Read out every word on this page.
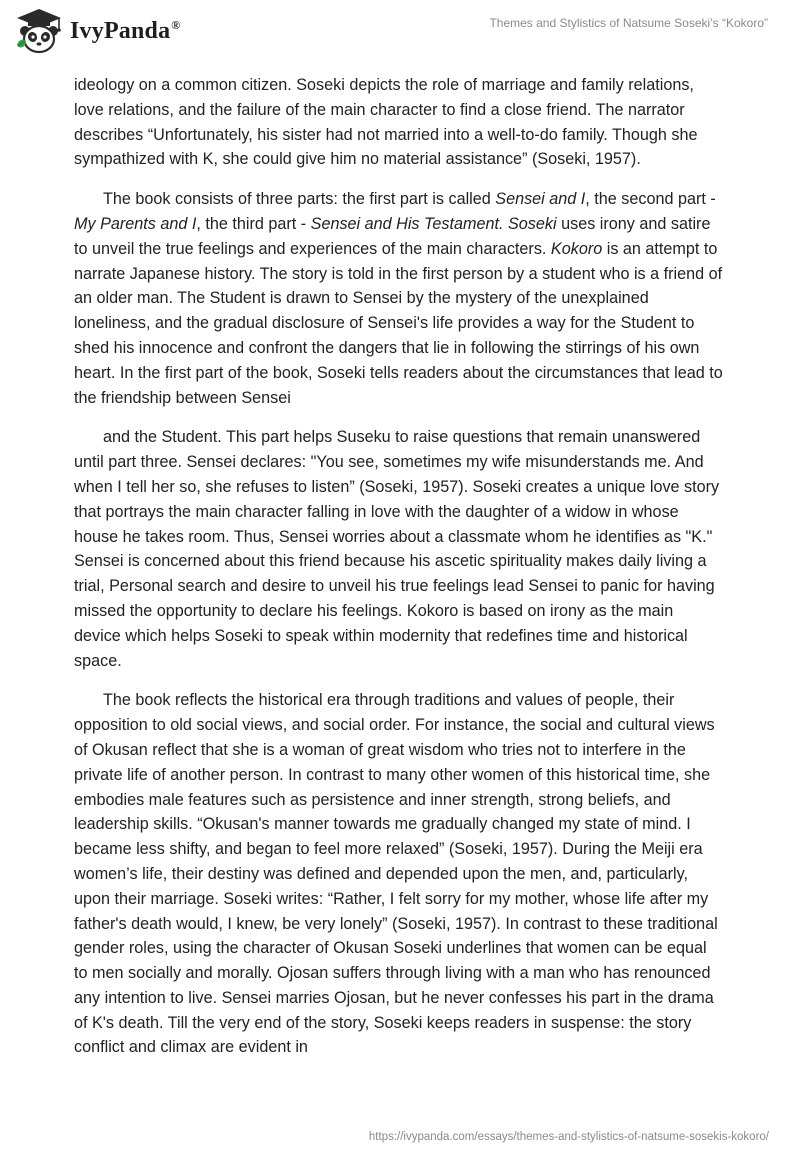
IvyPanda®	Themes and Stylistics of Natsume Soseki’s “Kokoro”

ideology on a common citizen. Soseki depicts the role of marriage and family relations, love relations, and the failure of the main character to find a close friend. The narrator describes “Unfortunately, his sister had not married into a well-to-do family. Though she sympathized with K, she could give him no material assistance” (Soseki, 1957).

The book consists of three parts: the first part is called Sensei and I, the second part - My Parents and I, the third part - Sensei and His Testament. Soseki uses irony and satire to unveil the true feelings and experiences of the main characters. Kokoro is an attempt to narrate Japanese history. The story is told in the first person by a student who is a friend of an older man. The Student is drawn to Sensei by the mystery of the unexplained loneliness, and the gradual disclosure of Sensei's life provides a way for the Student to shed his innocence and confront the dangers that lie in following the stirrings of his own heart. In the first part of the book, Soseki tells readers about the circumstances that lead to the friendship between Sensei

and the Student. This part helps Suseku to raise questions that remain unanswered until part three. Sensei declares: "You see, sometimes my wife misunderstands me. And when I tell her so, she refuses to listen” (Soseki, 1957). Soseki creates a unique love story that portrays the main character falling in love with the daughter of a widow in whose house he takes room. Thus, Sensei worries about a classmate whom he identifies as "K." Sensei is concerned about this friend because his ascetic spirituality makes daily living a trial, Personal search and desire to unveil his true feelings lead Sensei to panic for having missed the opportunity to declare his feelings. Kokoro is based on irony as the main device which helps Soseki to speak within modernity that redefines time and historical space.

The book reflects the historical era through traditions and values of people, their opposition to old social views, and social order. For instance, the social and cultural views of Okusan reflect that she is a woman of great wisdom who tries not to interfere in the private life of another person. In contrast to many other women of this historical time, she embodies male features such as persistence and inner strength, strong beliefs, and leadership skills. “Okusan's manner towards me gradually changed my state of mind. I became less shifty, and began to feel more relaxed” (Soseki, 1957). During the Meiji era women’s life, their destiny was defined and depended upon the men, and, particularly, upon their marriage. Soseki writes: “Rather, I felt sorry for my mother, whose life after my father's death would, I knew, be very lonely” (Soseki, 1957). In contrast to these traditional gender roles, using the character of Okusan Soseki underlines that women can be equal to men socially and morally. Ojosan suffers through living with a man who has renounced any intention to live. Sensei marries Ojosan, but he never confesses his part in the drama of K's death. Till the very end of the story, Soseki keeps readers in suspense: the story conflict and climax are evident in

https://ivypanda.com/essays/themes-and-stylistics-of-natsume-sosekis-kokoro/
